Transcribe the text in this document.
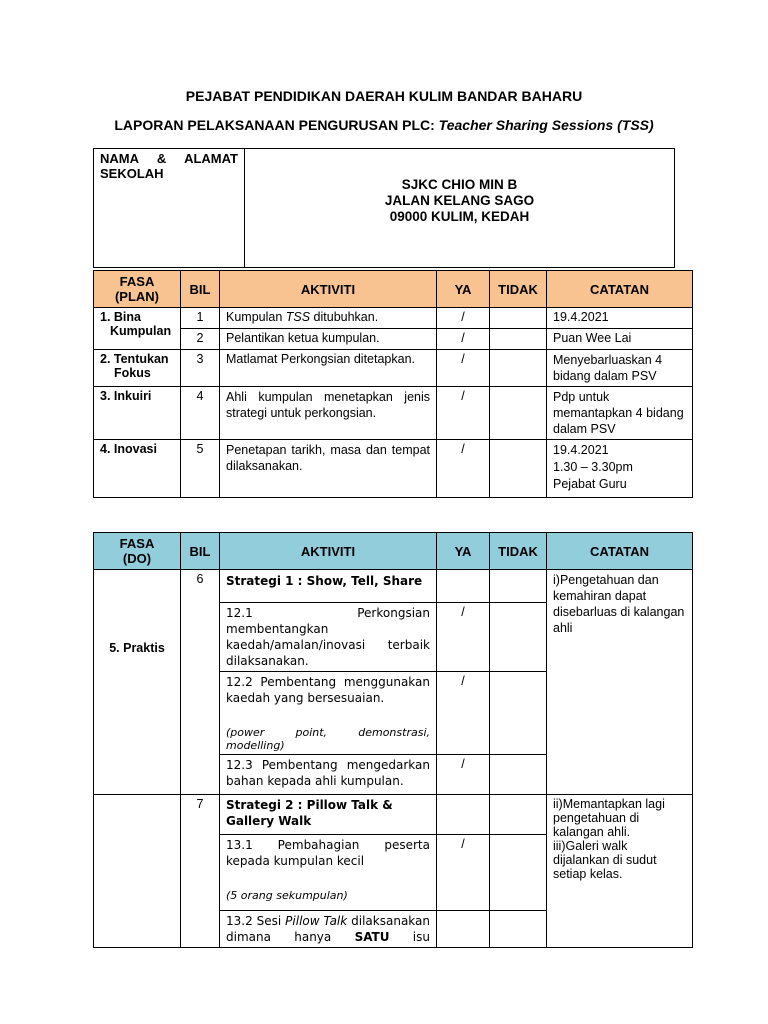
PEJABAT PENDIDIKAN DAERAH KULIM BANDAR BAHARU
LAPORAN PELAKSANAAN PENGURUSAN PLC: Teacher Sharing Sessions (TSS)
NAMA & ALAMAT
SEKOLAH

SJKC CHIO MIN B
JALAN KELANG SAGO
09000 KULIM, KEDAH
FASA
(PLAN)	BIL	AKTIVITI	YA	TIDAK	CATATAN

1. Bina
Kumpulan	1	Kumpulan TSS ditubuhkan.	/		19.4.2021
	2	Pelantikan ketua kumpulan.	/		Puan Wee Lai

2. Tentukan
Fokus	3	Matlamat Perkongsian ditetapkan.	/		Menyebarluaskan 4 bidang dalam PSV
3. Inkuiri	4	Ahli kumpulan menetapkan jenis strategi untuk perkongsian.	/		Pdp untuk memantapkan 4 bidang dalam PSV
4. Inovasi	5	Penetapan tarikh, masa dan tempat dilaksanakan.	/		19.4.2021
1.30 – 3.30pm
Pejabat Guru
FASA
(DO)	BIL	AKTIVITI	YA	TIDAK	CATATAN
5. Praktis	6	Strategi 1 : Show, Tell, Share			i)Pengetahuan dan kemahiran dapat disebarluas di kalangan ahli
		12.1 Perkongsian membentangkan kaedah/amalan/inovasi terbaik dilaksanakan.	/		

		12.2 Pembentang menggunakan kaedah yang bersesuaian.
(power point, demonstrasi, modelling)	/		
		12.3 Pembentang mengedarkan bahan kepada ahli kumpulan.	/		
	7	Strategi 2 : Pillow Talk & Gallery Walk			ii)Memantapkan lagi pengetahuan di kalangan ahli.
iii)Galeri walk dijalankan di sudut setiap kelas.

		13.1 Pembahagian peserta kepada kumpulan kecil
(5 orang sekumpulan)	/		
		13.2 Sesi Pillow Talk dilaksanakan dimana hanya SATU isu			
